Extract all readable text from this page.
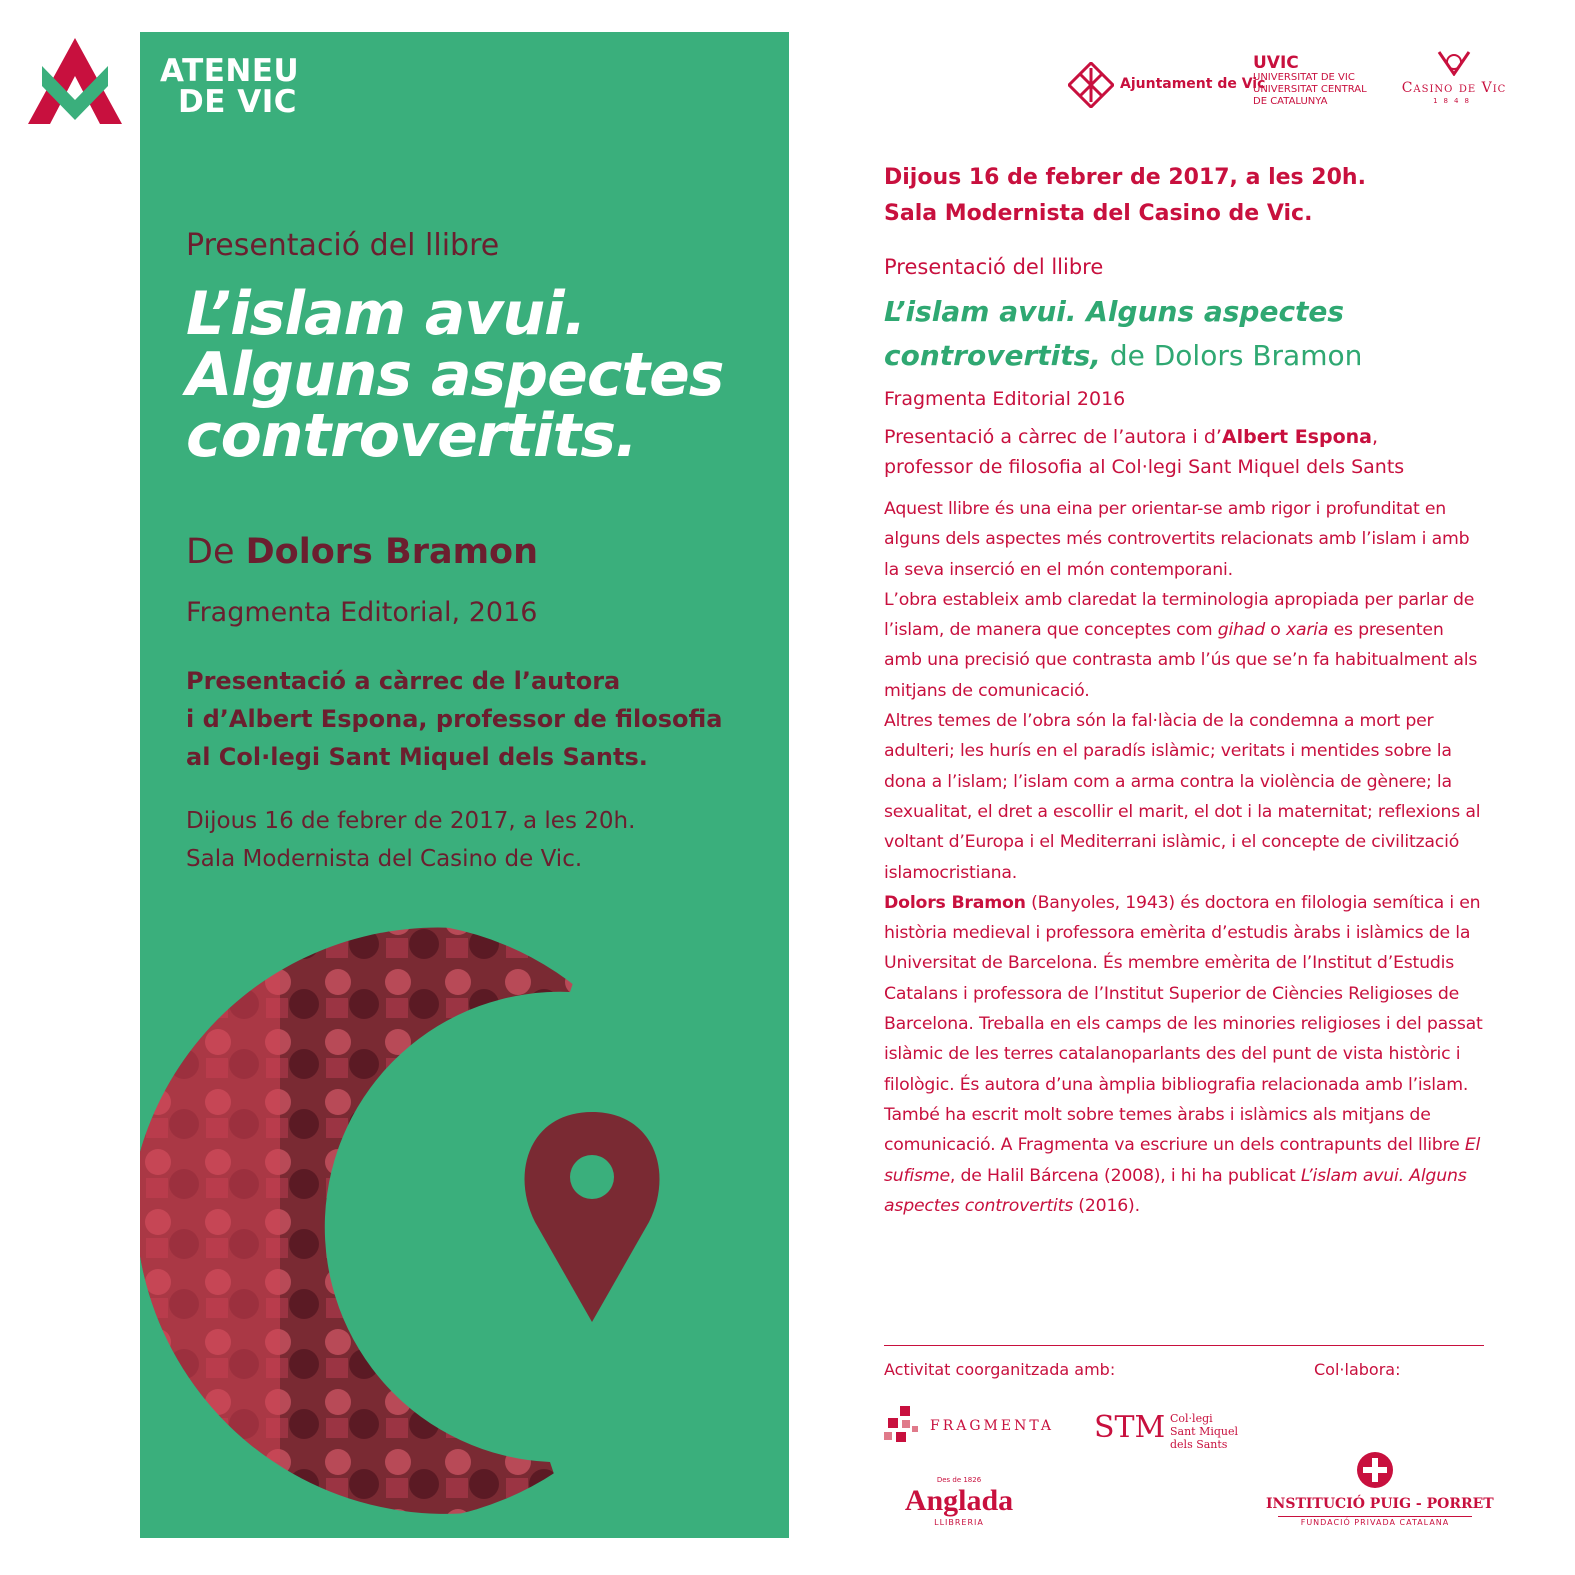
Presentació del llibre
L’islam avui.
Alguns aspectes
controvertits.
De Dolors Bramon
Fragmenta Editorial, 2016
Presentació a càrrec de l’autora
i d’Albert Espona, professor de filosofia
al Col·legi Sant Miquel dels Sants.
Dijous 16 de febrer de 2017, a les 20h.
Sala Modernista del Casino de Vic.
ATENEU
DE VIC	Ajuntament de Vic
UVIC
UNIVERSITAT DE VIC
UNIVERSITAT CENTRAL
DE CATALUNYA
Casino de Vic
1848
Dijous 16 de febrer de 2017, a les 20h.
Sala Modernista del Casino de Vic.
Presentació del llibre
L’islam avui. Alguns aspectes
controvertits, de Dolors Bramon
Fragmenta Editorial 2016
Presentació a càrrec de l’autora i d’Albert Espona,
professor de filosofia al Col·legi Sant Miquel dels Sants

Aquest llibre és una eina per orientar-se amb rigor i profunditat en alguns dels aspectes més controvertits relacionats amb l’islam i amb la seva inserció en el món contemporani.

L’obra estableix amb claredat la terminologia apropiada per parlar de l’islam, de manera que conceptes com gihad o xaria es presenten amb una precisió que contrasta amb l’ús que se’n fa habitualment als mitjans de comunicació.

Altres temes de l’obra són la fal·làcia de la condemna a mort per adulteri; les hurís en el paradís islàmic; veritats i mentides sobre la dona a l’islam; l’islam com a arma contra la violència de gènere; la sexualitat, el dret a escollir el marit, el dot i la maternitat; reflexions al voltant d’Europa i el Mediterrani islàmic, i el concepte de civilització islamocristiana.

Dolors Bramon (Banyoles, 1943) és doctora en filologia semítica i en història medieval i professora emèrita d’estudis àrabs i islàmics de la Universitat de Barcelona. És membre emèrita de l’Institut d’Estudis Catalans i professora de l’Institut Superior de Ciències Religioses de Barcelona. Treballa en els camps de les minories religioses i del passat islàmic de les terres catalanoparlants des del punt de vista històric i filològic. És autora d’una àmplia bibliografia relacionada amb l’islam. També ha escrit molt sobre temes àrabs i islàmics als mitjans de comunicació. A Fragmenta va escriure un dels contrapunts del llibre El sufisme, de Halil Bárcena (2008), i hi ha publicat L’islam avui. Alguns aspectes controvertits (2016).

Activitat coorganitzada amb:	Col·labora:
FRAGMENTA STM Col·legi
Sant Miquel
dels Sants
Des de 1826
Anglada
LLIBRERIA
INSTITUCIÓ PUIG - PORRET
FUNDACIÓ PRIVADA CATALANA
